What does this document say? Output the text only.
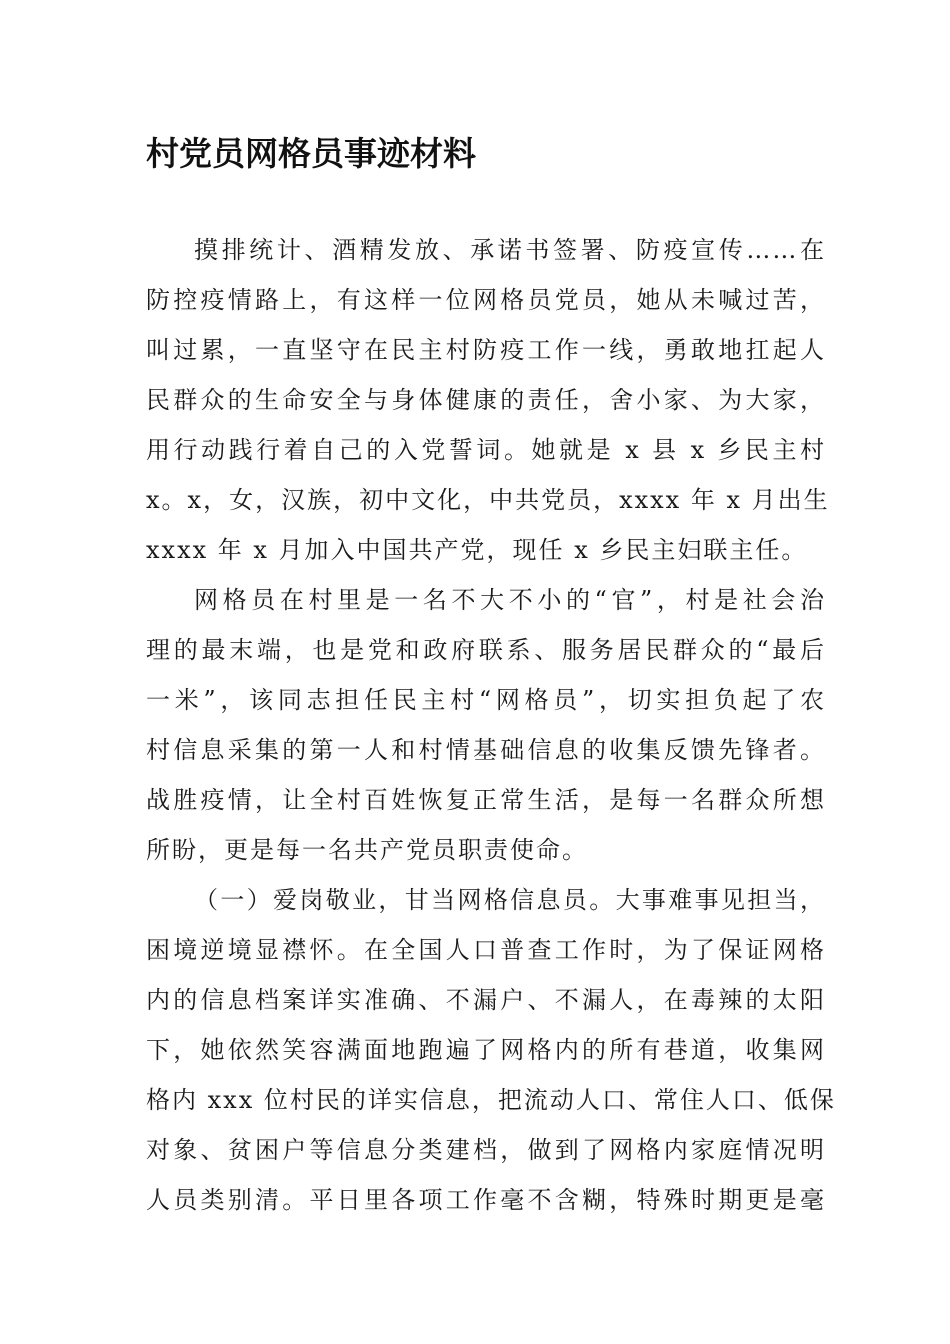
村党员网格员事迹材料

摸排统计、酒精发放、承诺书签署、防疫宣传……在

防控疫情路上，有这样一位网格员党员，她从未喊过苦，

叫过累，一直坚守在民主村防疫工作一线，勇敢地扛起人

民群众的生命安全与身体健康的责任，舍小家、为大家，

用行动践行着自己的入党誓词。她就是 x 县 x 乡民主村

x。x，女，汉族，初中文化，中共党员，xxxx 年 x 月出生

xxxx 年 x 月加入中国共产党，现任 x 乡民主妇联主任。

网格员在村里是一名不大不小的“官”，村是社会治

理的最末端，也是党和政府联系、服务居民群众的“最后

一米”，该同志担任民主村“网格员”，切实担负起了农

村信息采集的第一人和村情基础信息的收集反馈先锋者。

战胜疫情，让全村百姓恢复正常生活，是每一名群众所想

所盼，更是每一名共产党员职责使命。

（一）爱岗敬业，甘当网格信息员。大事难事见担当，

困境逆境显襟怀。在全国人口普查工作时，为了保证网格

内的信息档案详实准确、不漏户、不漏人，在毒辣的太阳

下，她依然笑容满面地跑遍了网格内的所有巷道，收集网

格内 xxx 位村民的详实信息，把流动人口、常住人口、低保

对象、贫困户等信息分类建档，做到了网格内家庭情况明

人员类别清。平日里各项工作毫不含糊，特殊时期更是毫
